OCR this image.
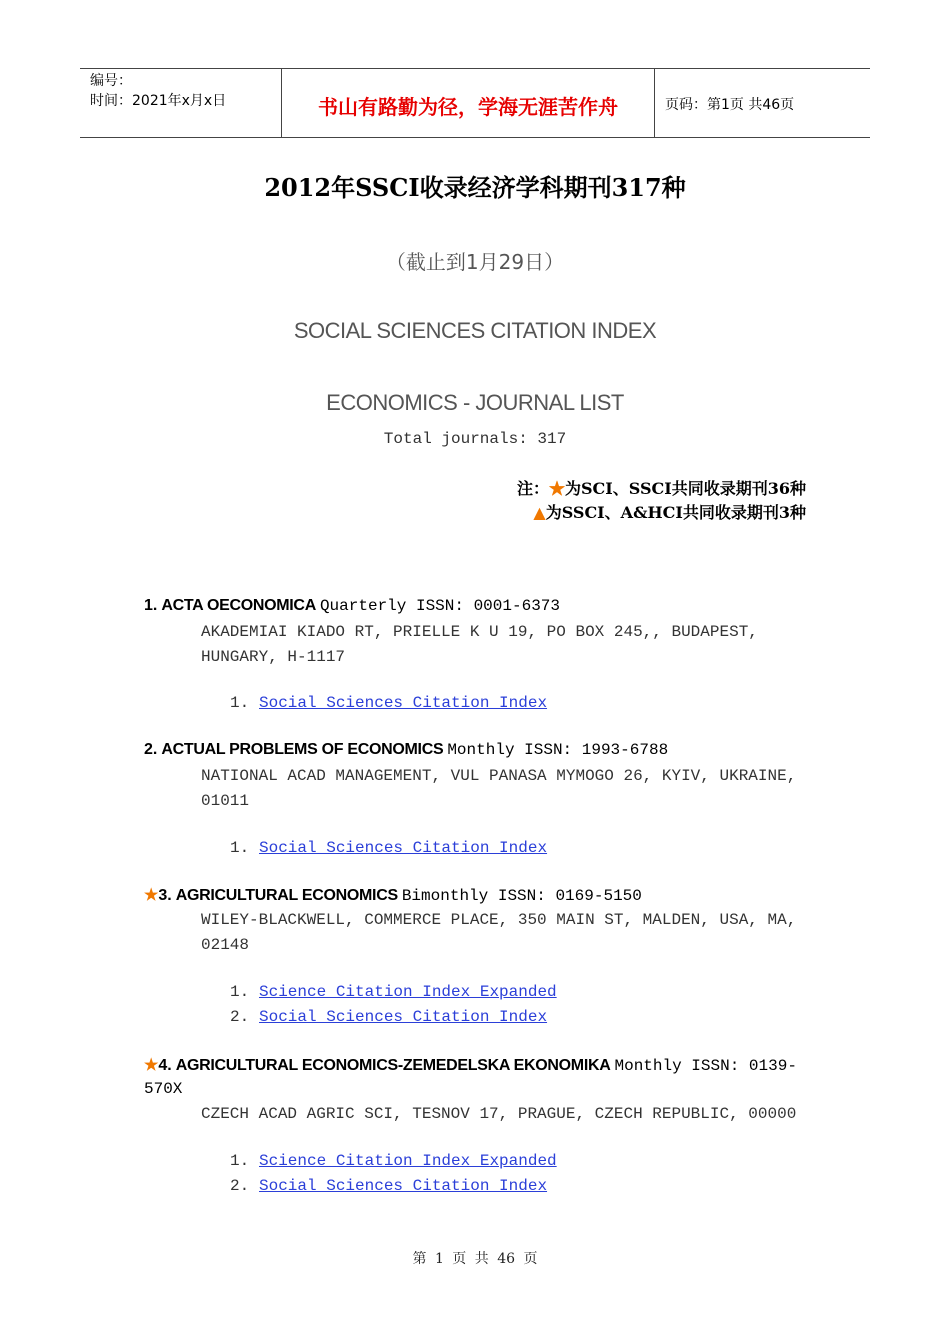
编号：
时间：2021年x月x日	书山有路勤为径，学海无涯苦作舟	页码：第1页 共46页
2012年SSCI收录经济学科期刊317种
（截止到1月29日）
SOCIAL SCIENCES CITATION INDEX
ECONOMICS - JOURNAL LIST
Total journals: 317
注：★为SCI、SSCI共同收录期刊36种
▲为SSCI、A&HCI共同收录期刊3种
1. ACTA OECONOMICA Quarterly ISSN: 0001-6373
AKADEMIAI KIADO RT, PRIELLE K U 19, PO BOX 245,, BUDAPEST,
HUNGARY, H-1117
1. Social Sciences Citation Index
2. ACTUAL PROBLEMS OF ECONOMICS Monthly ISSN: 1993-6788
NATIONAL ACAD MANAGEMENT, VUL PANASA MYMOGO 26, KYIV, UKRAINE,
01011
1. Social Sciences Citation Index
★3. AGRICULTURAL ECONOMICS Bimonthly ISSN: 0169-5150
WILEY-BLACKWELL, COMMERCE PLACE, 350 MAIN ST, MALDEN, USA, MA,
02148
1. Science Citation Index Expanded
2. Social Sciences Citation Index
★4. AGRICULTURAL ECONOMICS-ZEMEDELSKA EKONOMIKA Monthly ISSN: 0139-
570X
CZECH ACAD AGRIC SCI, TESNOV 17, PRAGUE, CZECH REPUBLIC, 00000
1. Science Citation Index Expanded
2. Social Sciences Citation Index
第 1 页 共 46 页
